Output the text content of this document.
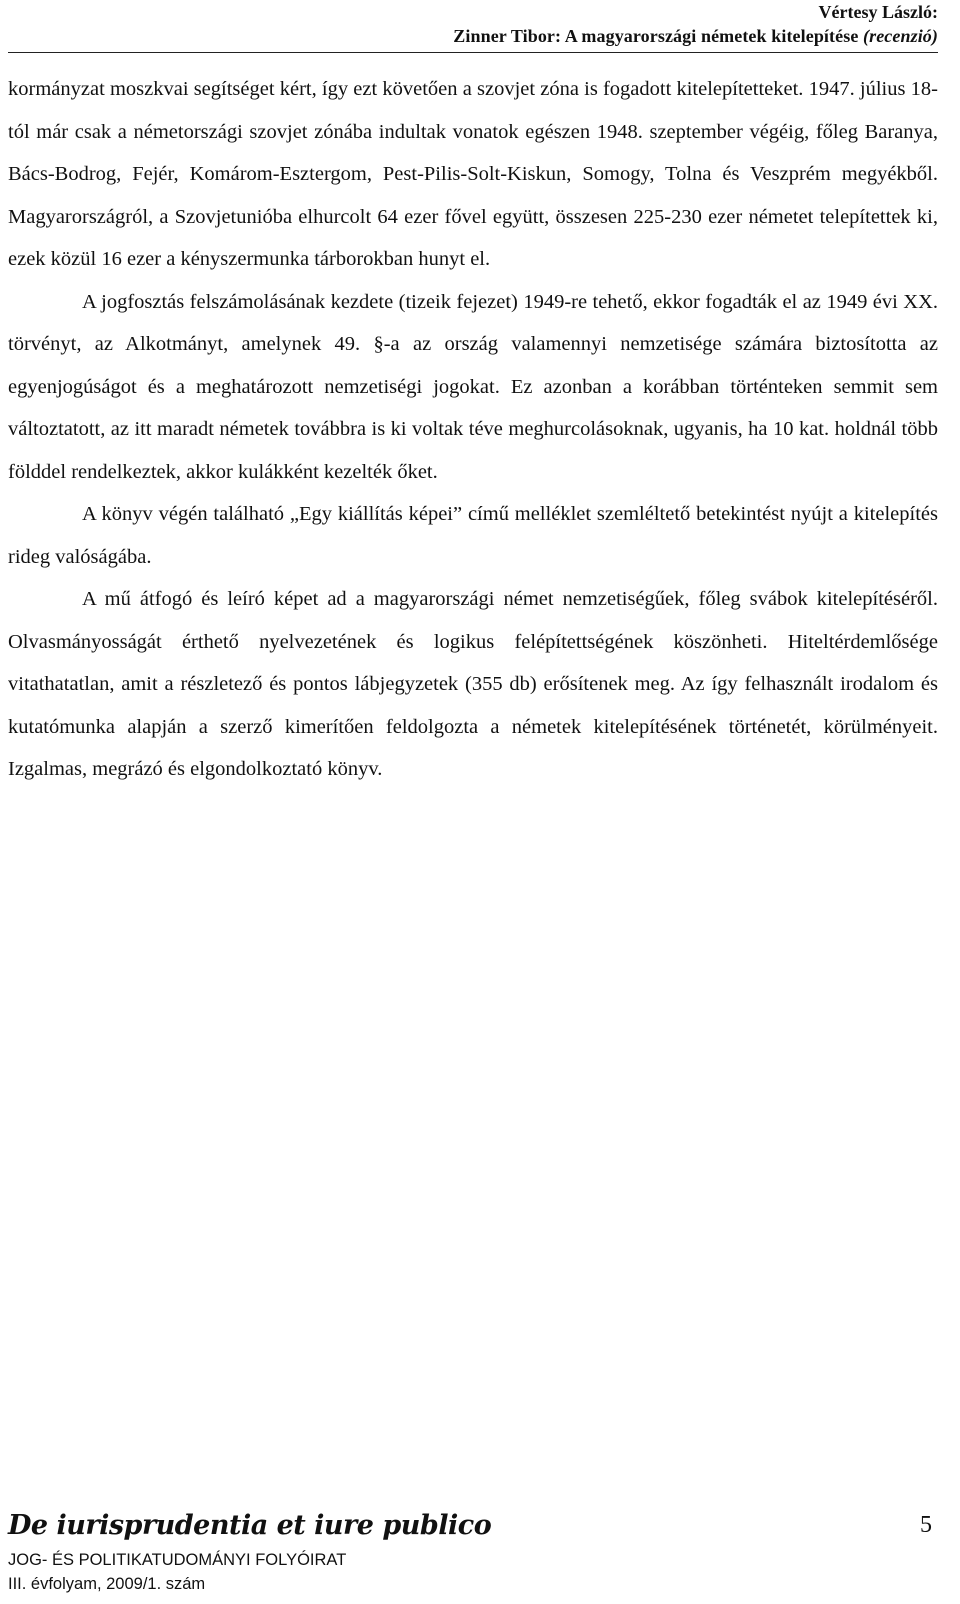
Vértesy László:
Zinner Tibor: A magyarországi németek kitelepítése (recenzió)

kormányzat moszkvai segítséget kért, így ezt követően a szovjet zóna is fogadott kitelepítetteket. 1947. július 18-tól már csak a németországi szovjet zónába indultak vonatok egészen 1948. szeptember végéig, főleg Baranya, Bács-Bodrog, Fejér, Komárom-Esztergom, Pest-Pilis-Solt-Kiskun, Somogy, Tolna és Veszprém megyékből. Magyarországról, a Szovjetunióba elhurcolt 64 ezer fővel együtt, összesen 225-230 ezer németet telepítettek ki, ezek közül 16 ezer a kényszermunka tárborokban hunyt el.

A jogfosztás felszámolásának kezdete (tizeik fejezet) 1949-re tehető, ekkor fogadták el az 1949 évi XX. törvényt, az Alkotmányt, amelynek 49. §-a az ország valamennyi nemzetisége számára biztosította az egyenjogúságot és a meghatározott nemzetiségi jogokat. Ez azonban a korábban történteken semmit sem változtatott, az itt maradt németek továbbra is ki voltak téve meghurcolásoknak, ugyanis, ha 10 kat. holdnál több földdel rendelkeztek, akkor kulákként kezelték őket.

A könyv végén található „Egy kiállítás képei” című melléklet szemléltető betekintést nyújt a kitelepítés rideg valóságába.

A mű átfogó és leíró képet ad a magyarországi német nemzetiségűek, főleg svábok kitelepítéséről. Olvasmányosságát érthető nyelvezetének és logikus felépítettségének köszönheti. Hiteltérdemlősége vitathatatlan, amit a részletező és pontos lábjegyzetek (355 db) erősítenek meg. Az így felhasznált irodalom és kutatómunka alapján a szerző kimerítően feldolgozta a németek kitelepítésének történetét, körülményeit. Izgalmas, megrázó és elgondolkoztató könyv.

De iurisprudentia et iure publico
JOG- ÉS POLITIKATUDOMÁNYI FOLYÓIRAT
III. évfolyam, 2009/1. szám
5
